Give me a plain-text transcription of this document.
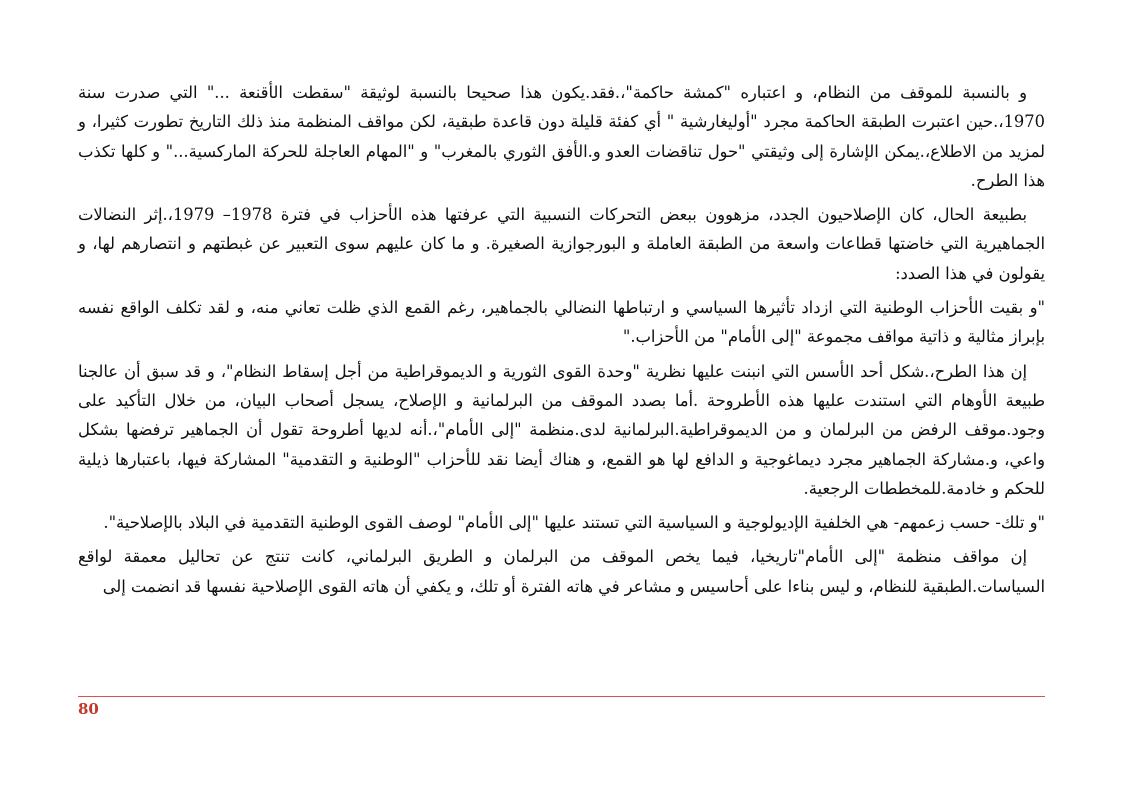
و بالنسبة للموقف من النظام، و اعتباره "كمشة حاكمة"،.فقد.يكون هذا صحيحا بالنسبة لوثيقة "سقطت الأقنعة ..." التي صدرت سنة 1970،.حين اعتبرت الطبقة الحاكمة مجرد "أوليغارشية " أي كفئة قليلة دون قاعدة طبقية، لكن مواقف المنظمة منذ ذلك التاريخ تطورت كثيرا، و لمزيد من الاطلاع،.يمكن الإشارة إلى وثيقتي "حول تناقضات العدو و.الأفق الثوري بالمغرب" و "المهام العاجلة للحركة الماركسية..." و كلها تكذب هذا الطرح.

بطبيعة الحال، كان الإصلاحيون الجدد، مزهوون ببعض التحركات النسبية التي عرفتها هذه الأحزاب في فترة 1978– 1979،.إثر النضالات الجماهيرية التي خاضتها قطاعات واسعة من الطبقة العاملة و البورجوازية الصغيرة. و ما كان عليهم سوى التعبير عن غبطتهم و انتصارهم لها، و يقولون في هذا الصدد:

"و بقيت الأحزاب الوطنية التي ازداد تأثيرها السياسي و ارتباطها النضالي بالجماهير، رغم القمع الذي ظلت تعاني منه، و لقد تكلف الواقع نفسه بإبراز مثالية و ذاتية مواقف مجموعة "إلى الأمام" من الأحزاب."

إن هذا الطرح،.شكل أحد الأسس التي انبنت عليها نظرية "وحدة القوى الثورية و الديموقراطية من أجل إسقاط النظام"، و قد سبق أن عالجنا طبيعة الأوهام التي استندت عليها هذه الأطروحة .أما بصدد الموقف من البرلمانية و الإصلاح، يسجل أصحاب البيان، من خلال التأكيد على وجود.موقف الرفض من البرلمان و من الديموقراطية.البرلمانية لدى.منظمة "إلى الأمام"،.أنه لديها أطروحة تقول أن الجماهير ترفضها بشكل واعي، و.مشاركة الجماهير مجرد ديماغوجية و الدافع لها هو القمع، و هناك أيضا نقد للأحزاب "الوطنية و التقدمية" المشاركة فيها، باعتبارها ذيلية للحكم و خادمة.للمخططات الرجعية.

"و تلك- حسب زعمهم- هي الخلفية الإديولوجية و السياسية التي تستند عليها "إلى الأمام" لوصف القوى الوطنية التقدمية في البلاد بالإصلاحية".

إن مواقف منظمة "إلى الأمام"تاريخيا، فيما يخص الموقف من البرلمان و الطريق البرلماني، كانت تنتج عن تحاليل معمقة لواقع السياسات.الطبقية للنظام، و ليس بناءا على أحاسيس و مشاعر في هاته الفترة أو تلك، و يكفي أن هاته القوى الإصلاحية نفسها قد انضمت إلى

80
